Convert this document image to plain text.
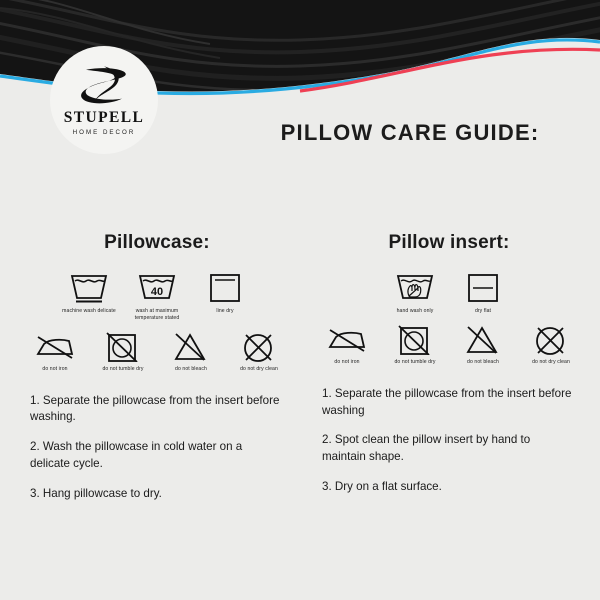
STUPELL
HOME DECOR	PILLOW CARE GUIDE:
Pillowcase:
machine wash delicate
40
wash at maximum temperature stated
line dry
do not iron	do not tumble dry	do not bleach	do not dry clean
1. Separate the pillowcase from the insert before washing.
2. Wash the pillowcase in cold water on a delicate cycle.
3. Hang pillowcase to dry.
Pillow insert:
hand wash only	dry flat
do not iron	do not tumble dry	do not bleach	do not dry clean
1. Separate the pillowcase from the insert before washing
2. Spot clean the pillow insert by hand to maintain shape.
3. Dry on a flat surface.
